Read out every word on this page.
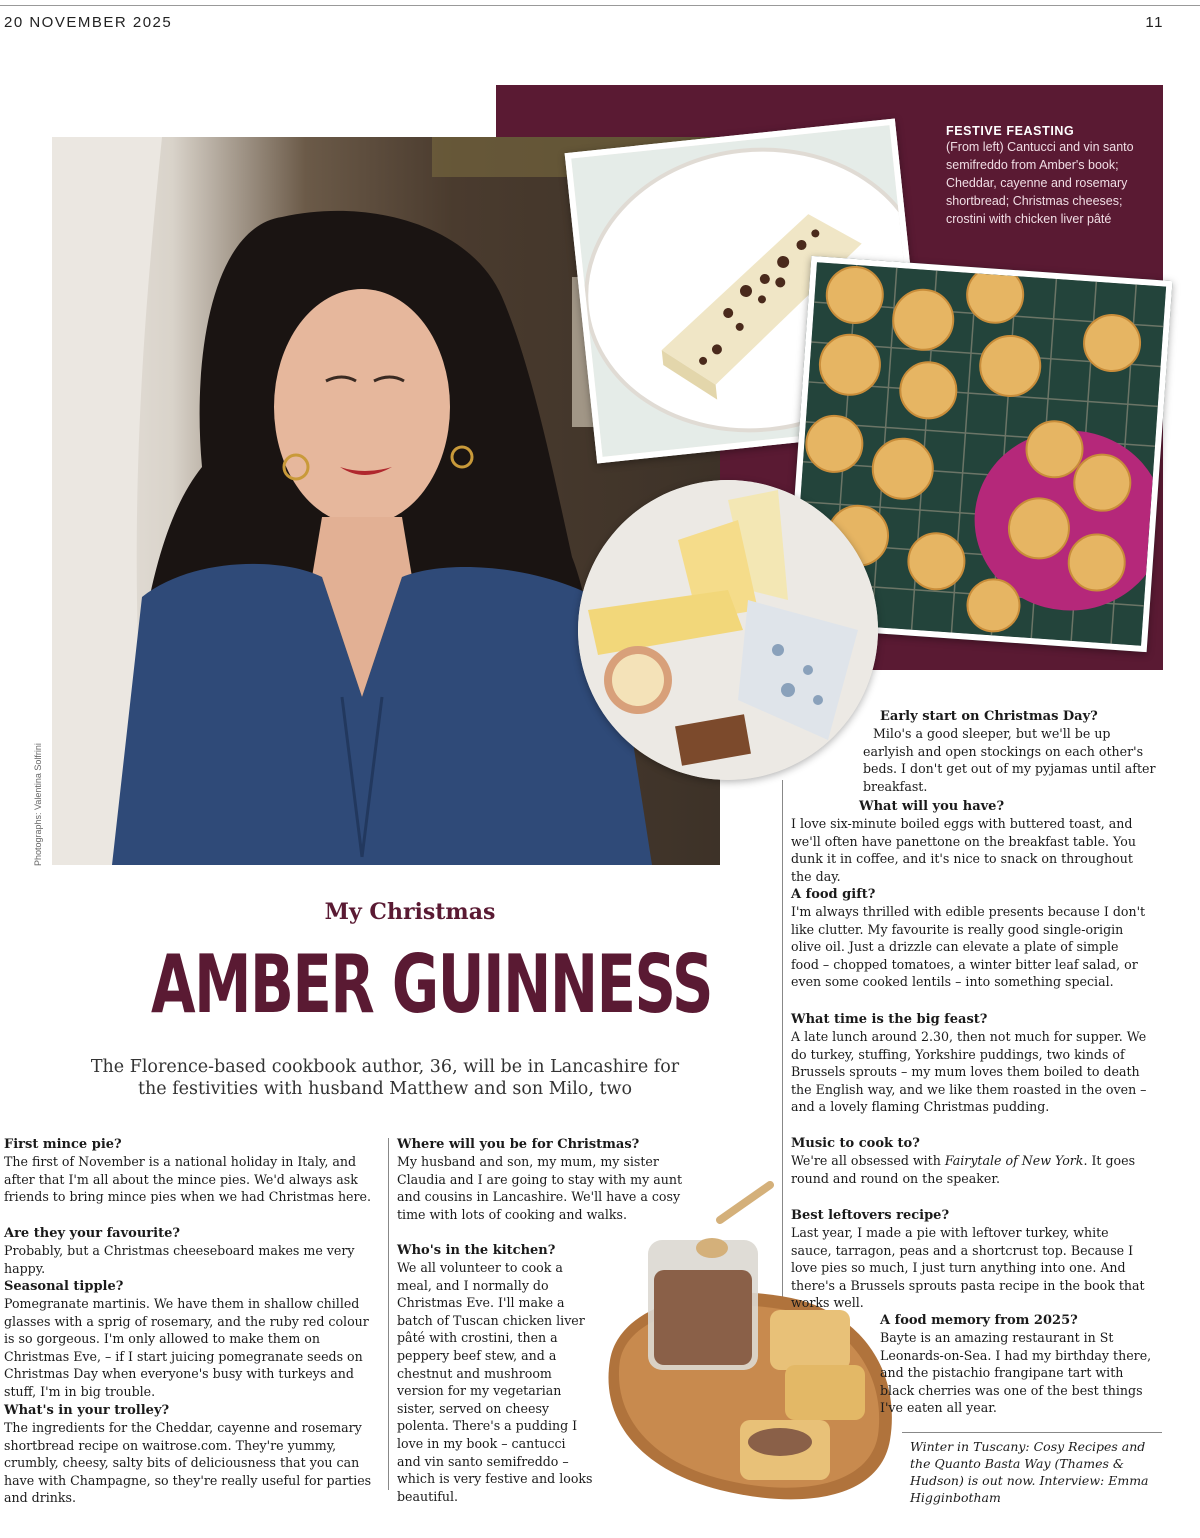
20 NOVEMBER 2025	11
FESTIVE FEASTING
(From left) Cantucci and vin santo semifreddo from Amber's book; Cheddar, cayenne and rosemary shortbread; Christmas cheeses; crostini with chicken liver pâté
Photographs: Valentina Solfrini
My Christmas
AMBER GUINNESS
The Florence-based cookbook author, 36, will be in Lancashire for the festivities with husband Matthew and son Milo, two

First mince pie?

The first of November is a national holiday in Italy, and after that I'm all about the mince pies. We'd always ask friends to bring mince pies when we had Christmas here.

Are they your favourite?

Probably, but a Christmas cheeseboard makes me very happy.

Seasonal tipple?

Pomegranate martinis. We have them in shallow chilled glasses with a sprig of rosemary, and the ruby red colour is so gorgeous. I'm only allowed to make them on Christmas Eve, – if I start juicing pomegranate seeds on Christmas Day when everyone's busy with turkeys and stuff, I'm in big trouble.

What's in your trolley?

The ingredients for the Cheddar, cayenne and rosemary shortbread recipe on waitrose.com. They're yummy, crumbly, cheesy, salty bits of deliciousness that you can have with Champagne, so they're really useful for parties and drinks.

Where will you be for Christmas?

My husband and son, my mum, my sister Claudia and I are going to stay with my aunt and cousins in Lancashire. We'll have a cosy time with lots of cooking and walks.

Who's in the kitchen?

We all volunteer to cook a meal, and I normally do Christmas Eve. I'll make a batch of Tuscan chicken liver pâté with crostini, then a peppery beef stew, and a chestnut and mushroom version for my vegetarian sister, served on cheesy polenta. There's a pudding I love in my book – cantucci and vin santo semifreddo – which is very festive and looks beautiful.

Early start on Christmas Day?

Milo's a good sleeper, but we'll be up earlyish and open stockings on each other's beds. I don't get out of my pyjamas until after breakfast.

What will you have?

I love six-minute boiled eggs with buttered toast, and we'll often have panettone on the breakfast table. You dunk it in coffee, and it's nice to snack on throughout the day.

A food gift?

I'm always thrilled with edible presents because I don't like clutter. My favourite is really good single-origin olive oil. Just a drizzle can elevate a plate of simple food – chopped tomatoes, a winter bitter leaf salad, or even some cooked lentils – into something special.

What time is the big feast?

A late lunch around 2.30, then not much for supper. We do turkey, stuffing, Yorkshire puddings, two kinds of Brussels sprouts – my mum loves them boiled to death the English way, and we like them roasted in the oven – and a lovely flaming Christmas pudding.

Music to cook to?

We're all obsessed with Fairytale of New York. It goes round and round on the speaker.

Best leftovers recipe?

Last year, I made a pie with leftover turkey, white sauce, tarragon, peas and a shortcrust top. Because I love pies so much, I just turn anything into one. And there's a Brussels sprouts pasta recipe in the book that works well.

A food memory from 2025?

Bayte is an amazing restaurant in St Leonards-on-Sea. I had my birthday there, and the pistachio frangipane tart with black cherries was one of the best things I've eaten all year.

Winter in Tuscany: Cosy Recipes and the Quanto Basta Way (Thames & Hudson) is out now. Interview: Emma Higginbotham
